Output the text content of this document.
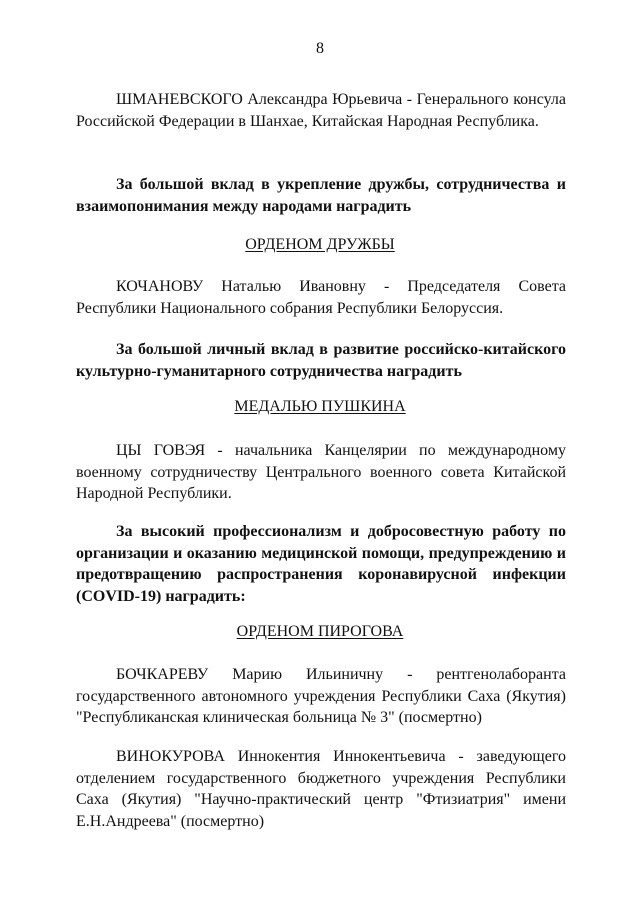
8

ШМАНЕВСКОГО Александра Юрьевича - Генерального консула Российской Федерации в Шанхае, Китайская Народная Республика.

За большой вклад в укрепление дружбы, сотрудничества и взаимопонимания между народами наградить

ОРДЕНОМ ДРУЖБЫ

КОЧАНОВУ Наталью Ивановну - Председателя Совета Республики Национального собрания Республики Белоруссия.

За большой личный вклад в развитие российско-китайского культурно-гуманитарного сотрудничества наградить

МЕДАЛЬЮ ПУШКИНА

ЦЫ ГОВЭЯ - начальника Канцелярии по международному военному сотрудничеству Центрального военного совета Китайской Народной Республики.

За высокий профессионализм и добросовестную работу по организации и оказанию медицинской помощи, предупреждению и предотвращению распространения коронавирусной инфекции (COVID-19) наградить:

ОРДЕНОМ ПИРОГОВА

БОЧКАРЕВУ Марию Ильиничну - рентгенолаборанта государственного автономного учреждения Республики Саха (Якутия) "Республиканская клиническая больница № 3" (посмертно)

ВИНОКУРОВА Иннокентия Иннокентьевича - заведующего отделением государственного бюджетного учреждения Республики Саха (Якутия) "Научно-практический центр "Фтизиатрия" имени Е.Н.Андреева" (посмертно)
